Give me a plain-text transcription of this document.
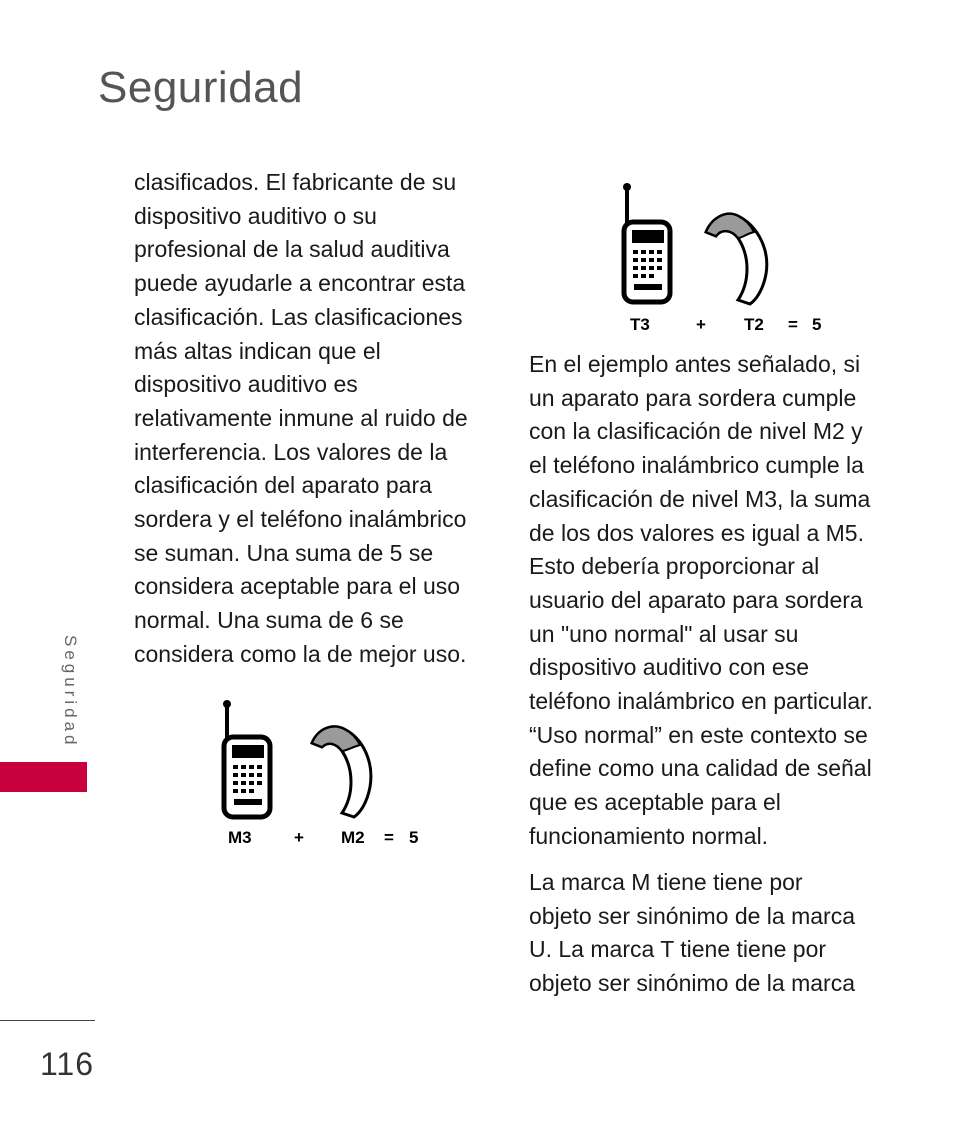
Seguridad

clasificados. El fabricante de su

dispositivo auditivo o su

profesional de la salud auditiva

puede ayudarle a encontrar esta

clasificación. Las clasificaciones

más altas indican que el

dispositivo auditivo es

relativamente inmune al ruido de

interferencia. Los valores de la

clasificación del aparato para

sordera y el teléfono inalámbrico

se suman. Una suma de 5 se

considera aceptable para el uso

normal. Una suma de 6 se

considera como la de mejor uso.

M3 + M2 = 5
T3	+ T2 = 5

En el ejemplo antes señalado, si

un aparato para sordera cumple

con la clasificación de nivel M2 y

el teléfono inalámbrico cumple la

clasificación de nivel M3, la suma

de los dos valores es igual a M5.

Esto debería proporcionar al

usuario del aparato para sordera

un "uno normal" al usar su

dispositivo auditivo con ese

teléfono inalámbrico en particular.

“Uso normal” en este contexto se

define como una calidad de señal

que es aceptable para el

funcionamiento normal.

La marca M tiene tiene por

objeto ser sinónimo de la marca

U. La marca T tiene tiene por

objeto ser sinónimo de la marca

Seguridad
116
